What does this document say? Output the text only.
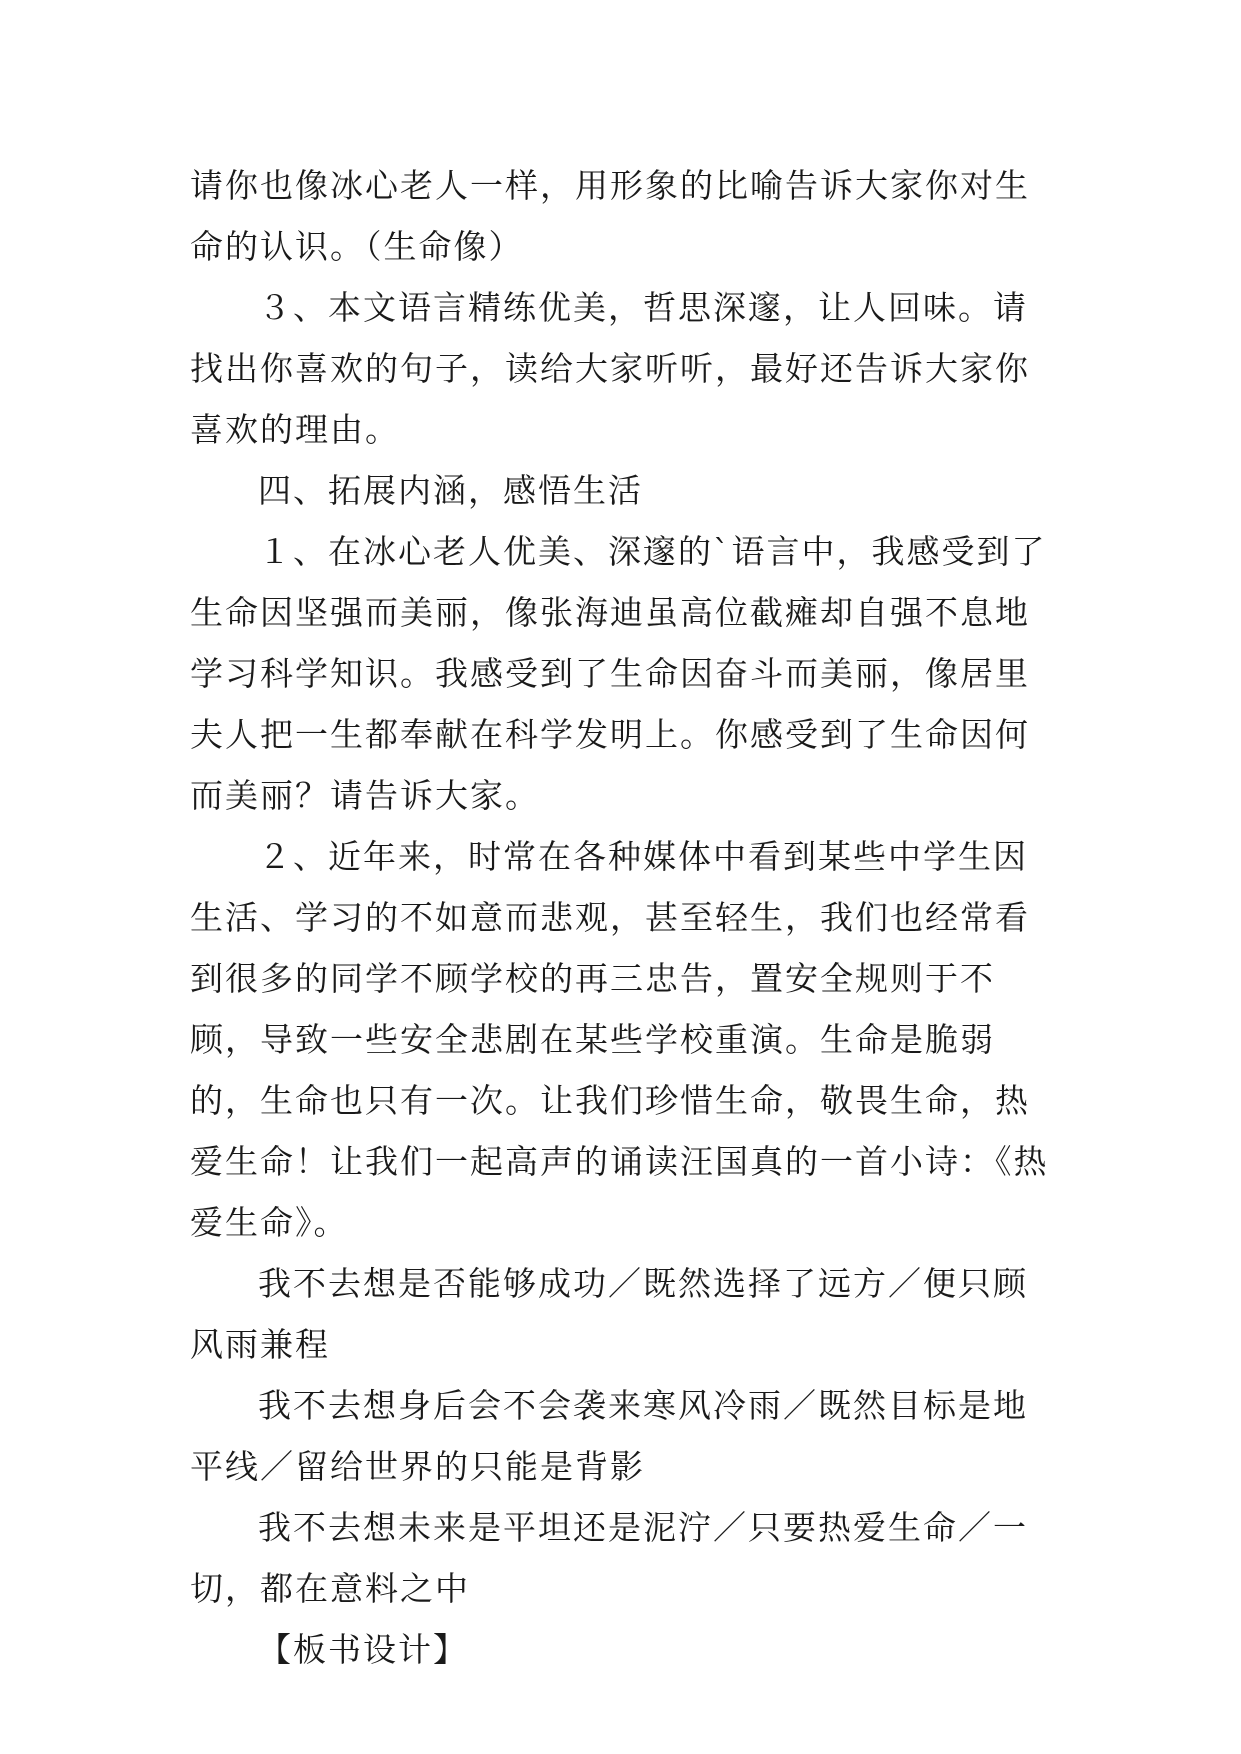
请你也像冰心老人一样，用形象的比喻告诉大家你对生命的认识。（生命像）

３、本文语言精练优美，哲思深邃，让人回味。请找出你喜欢的句子，读给大家听听，最好还告诉大家你喜欢的理由。

四、拓展内涵，感悟生活

１、在冰心老人优美、深邃的`语言中，我感受到了生命因坚强而美丽，像张海迪虽高位截瘫却自强不息地学习科学知识。我感受到了生命因奋斗而美丽，像居里夫人把一生都奉献在科学发明上。你感受到了生命因何而美丽？请告诉大家。

２、近年来，时常在各种媒体中看到某些中学生因生活、学习的不如意而悲观，甚至轻生，我们也经常看到很多的同学不顾学校的再三忠告，置安全规则于不顾，导致一些安全悲剧在某些学校重演。生命是脆弱的，生命也只有一次。让我们珍惜生命，敬畏生命，热爱生命！让我们一起高声的诵读汪国真的一首小诗：《热爱生命》。

我不去想是否能够成功／既然选择了远方／便只顾风雨兼程

我不去想身后会不会袭来寒风冷雨／既然目标是地平线／留给世界的只能是背影

我不去想未来是平坦还是泥泞／只要热爱生命／一切，都在意料之中

【板书设计】
